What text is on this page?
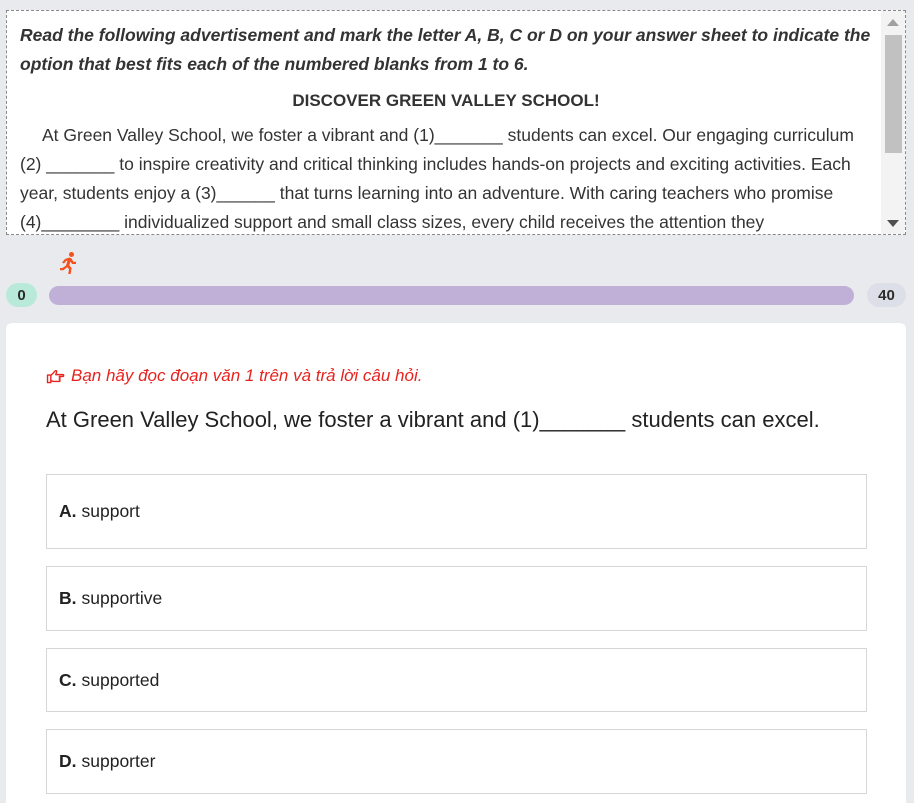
Read the following advertisement and mark the letter A, B, C or D on your answer sheet to indicate the option that best fits each of the numbered blanks from 1 to 6.

DISCOVER GREEN VALLEY SCHOOL!

At Green Valley School, we foster a vibrant and (1)_______ students can excel. Our engaging curriculum (2) _______ to inspire creativity and critical thinking includes hands-on projects and exciting activities. Each year, students enjoy a (3)______ that turns learning into an adventure. With caring teachers who promise (4)________ individualized support and small class sizes, every child receives the attention they

0	40
Bạn hãy đọc đoạn văn 1 trên và trả lời câu hỏi.
At Green Valley School, we foster a vibrant and (1)_______ students can excel.
A. support
B. supportive
C. supported
D. supporter
